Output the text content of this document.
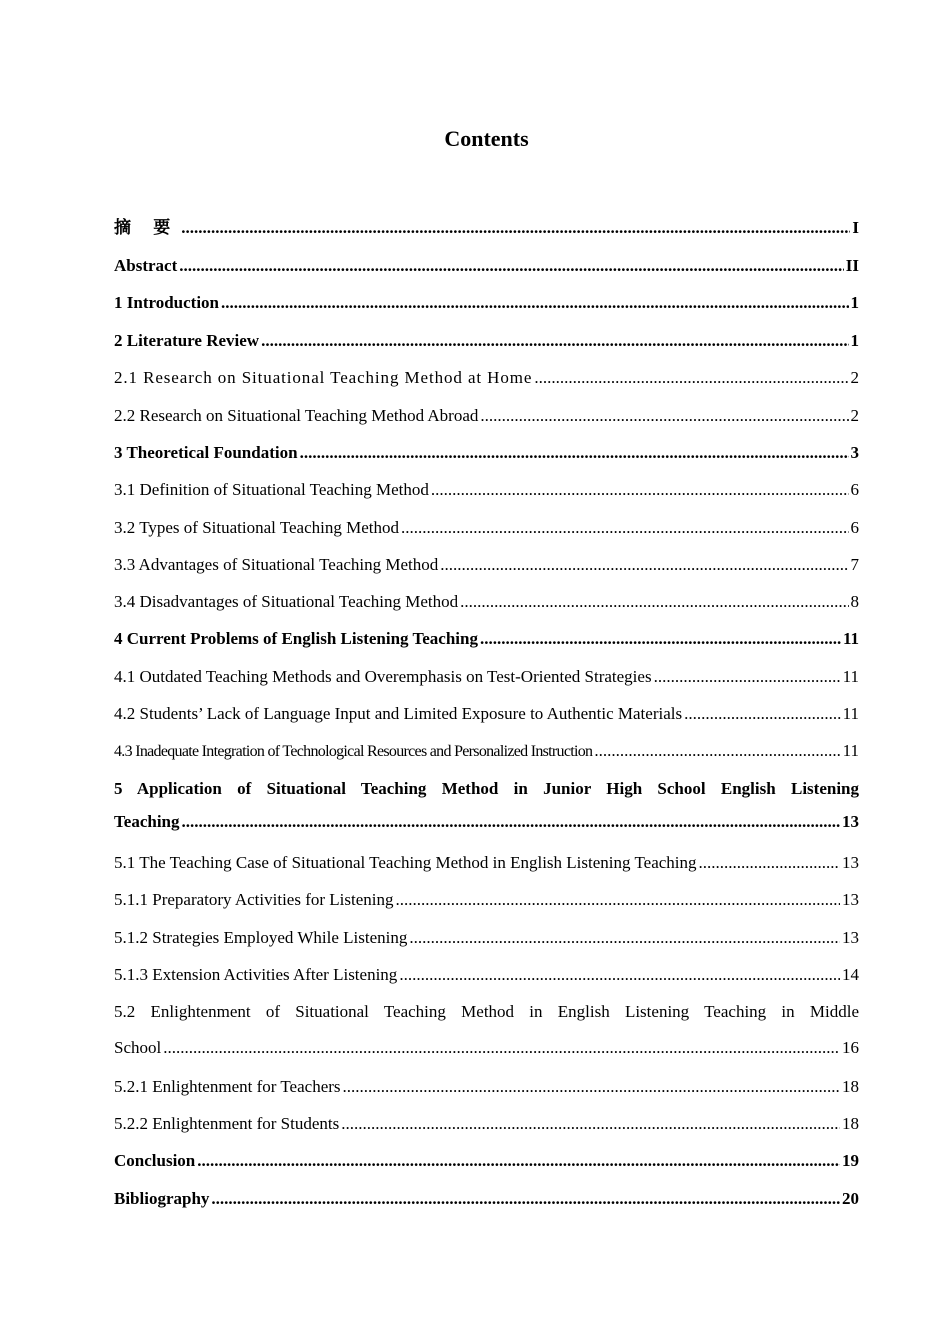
Contents
摘 要 .....	I
Abstract .....	II
1 Introduction .....	1
2 Literature Review .....	1
2.1 Research on Situational Teaching Method at Home .....	2
2.2 Research on Situational Teaching Method Abroad .....	2
3 Theoretical Foundation .....	3
3.1 Definition of Situational Teaching Method .....	6
3.2 Types of Situational Teaching Method .....	6
3.3 Advantages of Situational Teaching Method .....	7
3.4 Disadvantages of Situational Teaching Method .....	8
4 Current Problems of English Listening Teaching .....	11
4.1 Outdated Teaching Methods and Overemphasis on Test-Oriented Strategies .....	11
4.2 Students’ Lack of Language Input and Limited Exposure to Authentic Materials .....	11
4.3 Inadequate Integration of Technological Resources and Personalized Instruction .....	11
5 Application of Situational Teaching Method in Junior High School English Listening
Teaching .....	13
5.1 The Teaching Case of Situational Teaching Method in English Listening Teaching .....	13
5.1.1 Preparatory Activities for Listening .....	13
5.1.2 Strategies Employed While Listening .....	13
5.1.3 Extension Activities After Listening .....	14
5.2 Enlightenment of Situational Teaching Method in English Listening Teaching in Middle
School .....	16
5.2.1 Enlightenment for Teachers .....	18
5.2.2 Enlightenment for Students .....	18
Conclusion .....	19
Bibliography .....	20
